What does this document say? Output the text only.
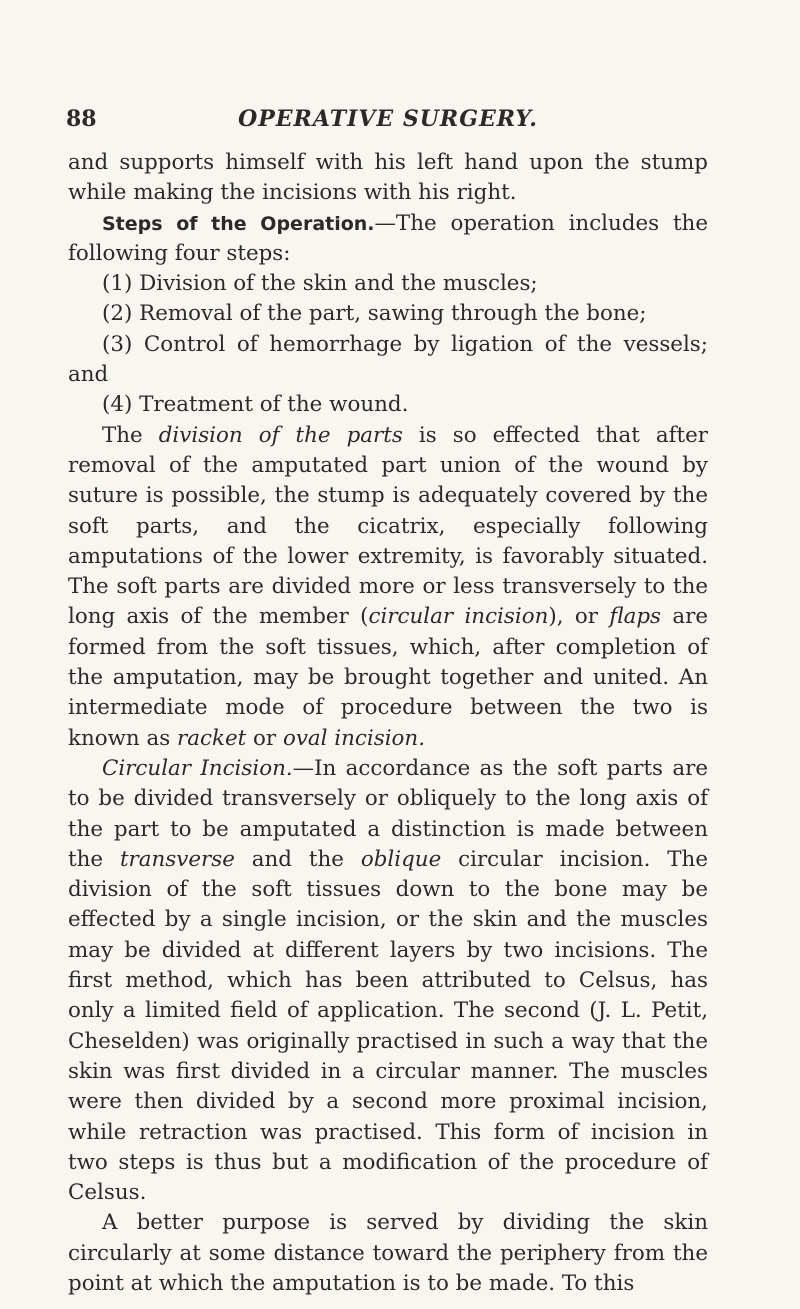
88	OPERATIVE SURGERY.

and supports himself with his left hand upon the stump while making the incisions with his right.

Steps of the Operation.—The operation includes the following four steps:

(1) Division of the skin and the muscles;

(2) Removal of the part, sawing through the bone;

(3) Control of hemorrhage by ligation of the vessels; and

(4) Treatment of the wound.

The division of the parts is so effected that after removal of the amputated part union of the wound by suture is possible, the stump is adequately covered by the soft parts, and the cicatrix, especially following amputations of the lower extremity, is favorably situated. The soft parts are divided more or less transversely to the long axis of the member (circular incision), or flaps are formed from the soft tissues, which, after completion of the amputation, may be brought together and united. An intermediate mode of procedure between the two is known as racket or oval incision.

Circular Incision.—In accordance as the soft parts are to be divided transversely or obliquely to the long axis of the part to be amputated a distinction is made between the transverse and the oblique circular incision. The division of the soft tissues down to the bone may be effected by a single incision, or the skin and the muscles may be divided at different layers by two incisions. The first method, which has been attributed to Celsus, has only a limited field of application. The second (J. L. Petit, Cheselden) was originally practised in such a way that the skin was first divided in a circular manner. The muscles were then divided by a second more proximal incision, while retraction was practised. This form of incision in two steps is thus but a modification of the procedure of Celsus.

A better purpose is served by dividing the skin circularly at some distance toward the periphery from the point at which the amputation is to be made. To this
